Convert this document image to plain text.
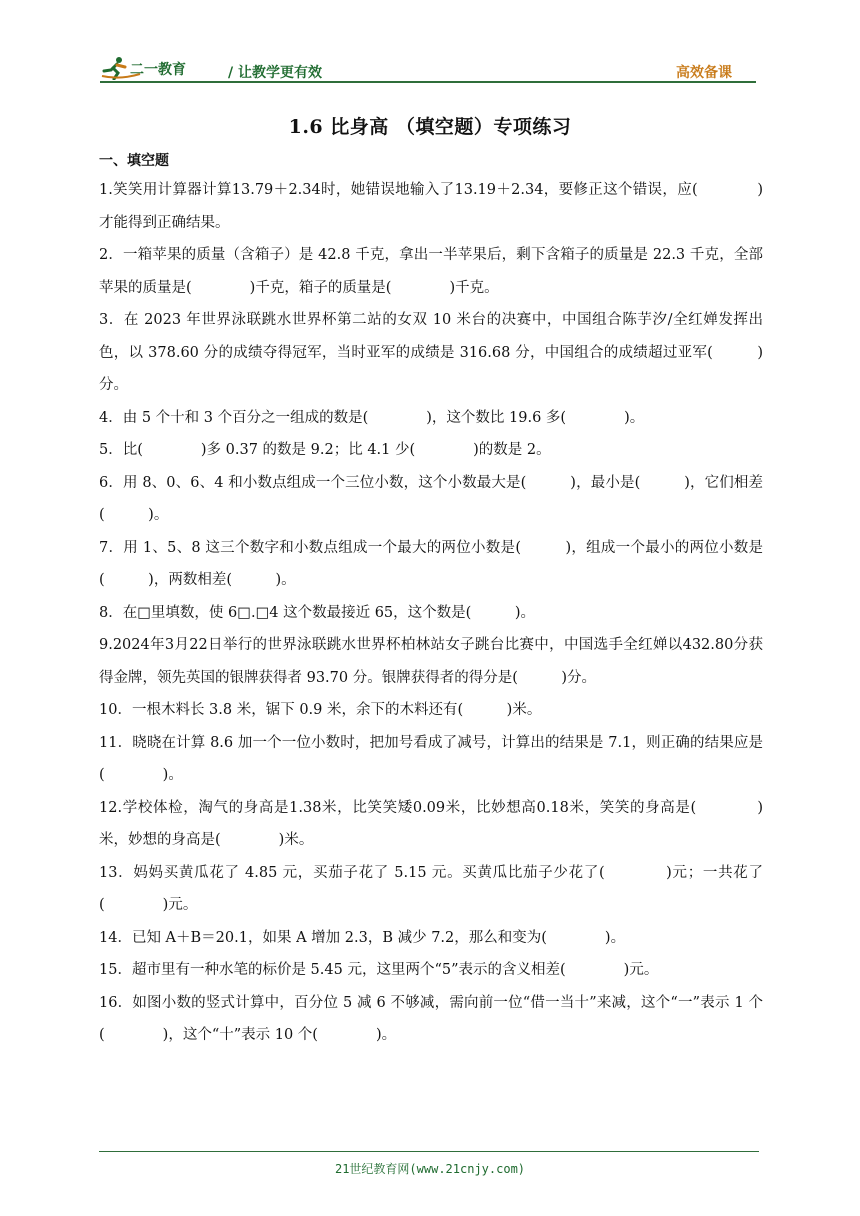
二一教育	/ 让教学更有效	高效备课
1.6 比身高 （填空题）专项练习
一、填空题

1.笑笑用计算器计算13.79＋2.34时，她错误地输入了13.19＋2.34，要修正这个错误，应(　　　　)才能得到正确结果。

2．一箱苹果的质量（含箱子）是 42.8 千克，拿出一半苹果后，剩下含箱子的质量是 22.3 千克，全部苹果的质量是(　　　　)千克，箱子的质量是(　　　　)千克。

3．在 2023 年世界泳联跳水世界杯第二站的女双 10 米台的决赛中，中国组合陈芋汐/全红婵发挥出色，以 378.60 分的成绩夺得冠军，当时亚军的成绩是 316.68 分，中国组合的成绩超过亚军(　　　)分。

4．由 5 个十和 3 个百分之一组成的数是(　　　　)，这个数比 19.6 多(　　　　)。

5．比(　　　　)多 0.37 的数是 9.2；比 4.1 少(　　　　)的数是 2。

6．用 8、0、6、4 和小数点组成一个三位小数，这个小数最大是(　　　)，最小是(　　　)，它们相差(　　　)。

7．用 1、5、8 这三个数字和小数点组成一个最大的两位小数是(　　　)，组成一个最小的两位小数是(　　　)，两数相差(　　　)。

8．在□里填数，使 6□.□4 这个数最接近 65，这个数是(　　　)。

9.2024年3月22日举行的世界泳联跳水世界杯柏林站女子跳台比赛中，中国选手全红婵以432.80分获得金牌，领先英国的银牌获得者 93.70 分。银牌获得者的得分是(　　　)分。

10．一根木料长 3.8 米，锯下 0.9 米，余下的木料还有(　　　)米。

11．晓晓在计算 8.6 加一个一位小数时，把加号看成了减号，计算出的结果是 7.1，则正确的结果应是(　　　　)。

12.学校体检，淘气的身高是1.38米，比笑笑矮0.09米，比妙想高0.18米，笑笑的身高是(　　　　)米，妙想的身高是(　　　　)米。

13．妈妈买黄瓜花了 4.85 元，买茄子花了 5.15 元。买黄瓜比茄子少花了(　　　　)元；一共花了(　　　　)元。

14．已知 A＋B＝20.1，如果 A 增加 2.3，B 减少 7.2，那么和变为(　　　　)。

15．超市里有一种水笔的标价是 5.45 元，这里两个“5”表示的含义相差(　　　　)元。

16．如图小数的竖式计算中，百分位 5 减 6 不够减，需向前一位“借一当十”来减，这个“一”表示 1 个(　　　　)，这个“十”表示 10 个(　　　　)。

21世纪教育网(www.21cnjy.com)
